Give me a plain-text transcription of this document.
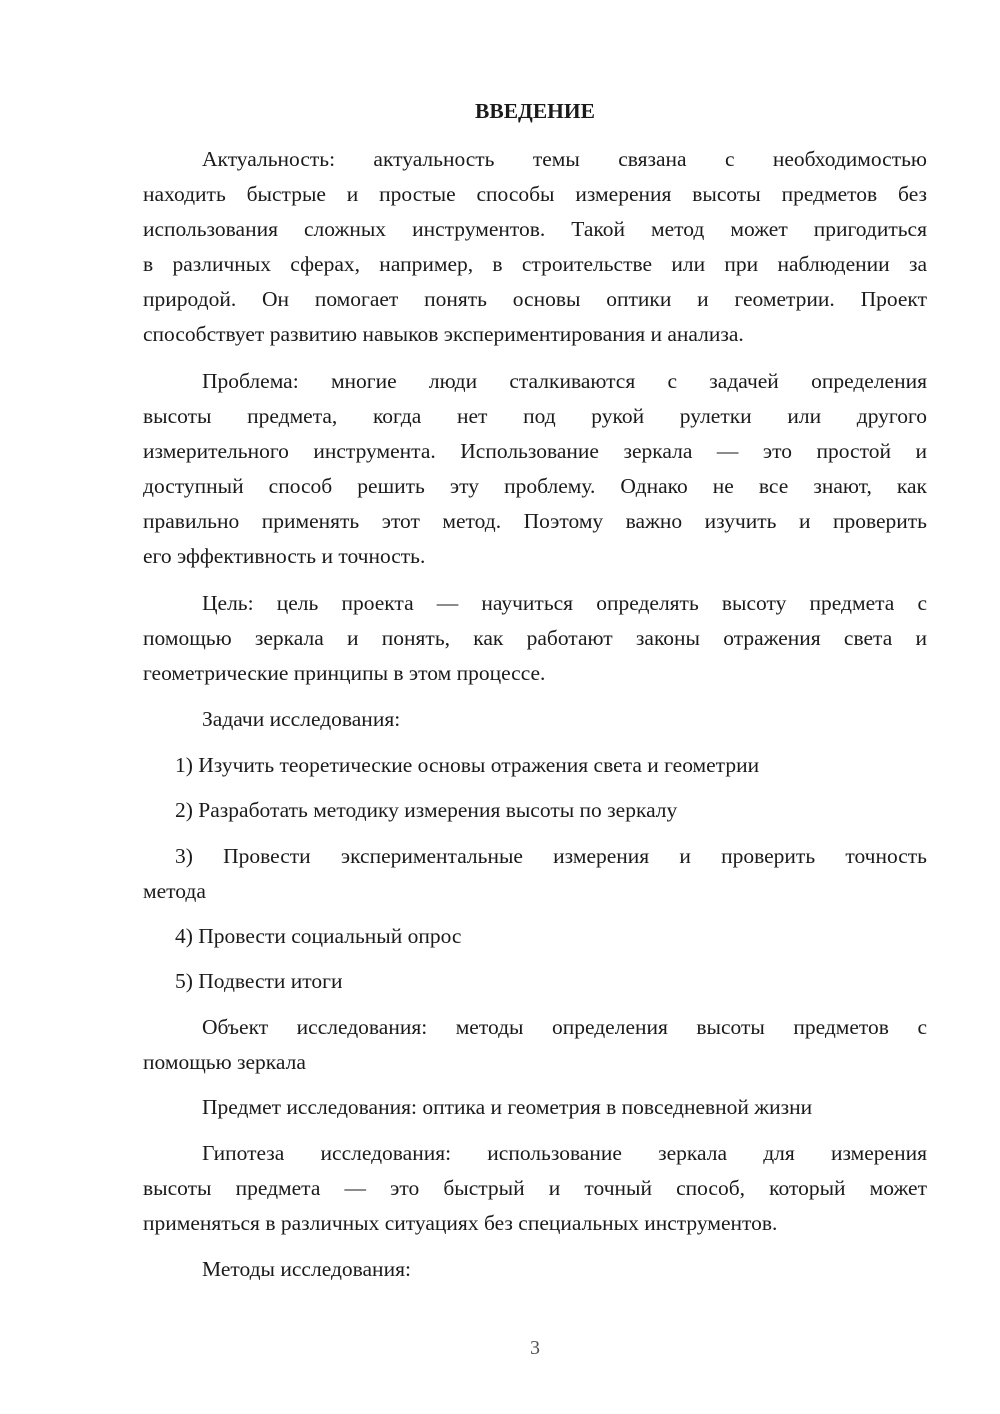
ВВЕДЕНИЕ
Актуальность: актуальность темы связана с необходимостью
находить быстрые и простые способы измерения высоты предметов без
использования сложных инструментов. Такой метод может пригодиться
в различных сферах, например, в строительстве или при наблюдении за
природой. Он помогает понять основы оптики и геометрии. Проект
способствует развитию навыков экспериментирования и анализа.
Проблема: многие люди сталкиваются с задачей определения
высоты предмета, когда нет под рукой рулетки или другого
измерительного инструмента. Использование зеркала — это простой и
доступный способ решить эту проблему. Однако не все знают, как
правильно применять этот метод. Поэтому важно изучить и проверить
его эффективность и точность.
Цель: цель проекта — научиться определять высоту предмета с
помощью зеркала и понять, как работают законы отражения света и
геометрические принципы в этом процессе.
Задачи исследования:
1) Изучить теоретические основы отражения света и геометрии
2) Разработать методику измерения высоты по зеркалу
3) Провести экспериментальные измерения и проверить точность
метода
4) Провести социальный опрос
5) Подвести итоги
Объект исследования: методы определения высоты предметов с
помощью зеркала
Предмет исследования: оптика и геометрия в повседневной жизни
Гипотеза исследования: использование зеркала для измерения
высоты предмета — это быстрый и точный способ, который может
применяться в различных ситуациях без специальных инструментов.
Методы исследования:
3
